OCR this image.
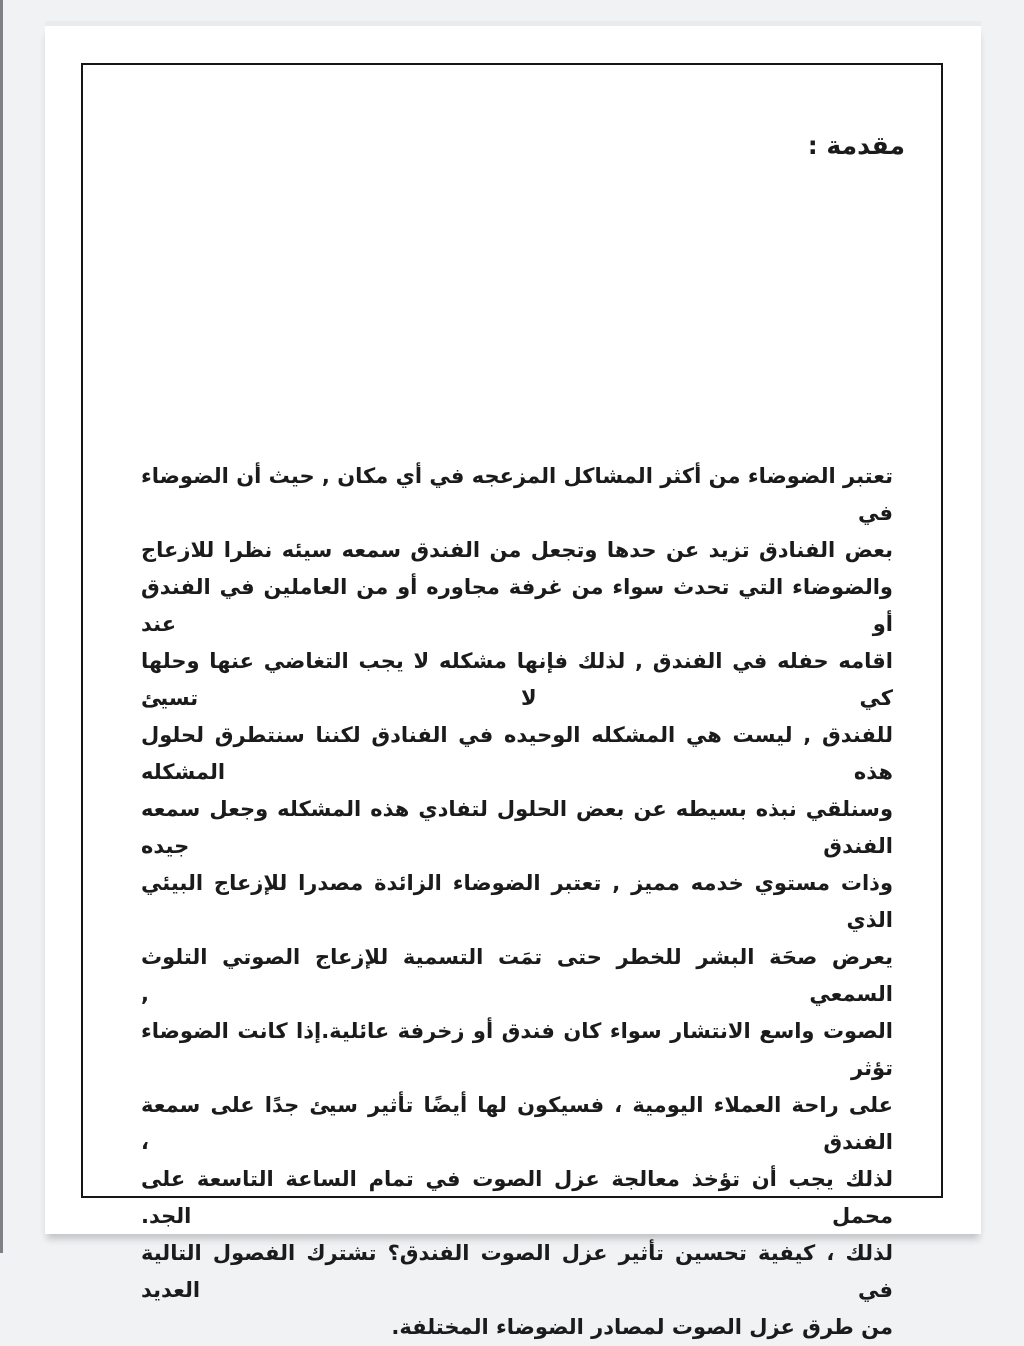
مقدمة :
تعتبر الضوضاء من أكثر المشاكل المزعجه في أي مكان , حيث أن الضوضاء في
بعض الفنادق تزيد عن حدها وتجعل من الفندق سمعه سيئه نظرا للازعاج
والضوضاء التي تحدث سواء من غرفة مجاوره أو من العاملين في الفندق أو عند
اقامه حفله في الفندق , لذلك فإنها مشكله لا يجب التغاضي عنها وحلها كي لا تسيئ
للفندق , ليست هي المشكله الوحيده في الفنادق لكننا سنتطرق لحلول هذه المشكله
وسنلقي نبذه بسيطه عن بعض الحلول لتفادي هذه المشكله وجعل سمعه الفندق جيده
وذات مستوي خدمه مميز , تعتبر الضوضاء الزائدة مصدرا للإزعاج البيئي الذي
يعرض صحَة البشر للخطر حتى تمَت التسمية للإزعاج الصوتي التلوث السمعي ,
الصوت واسع الانتشار سواء كان فندق أو زخرفة عائلية.إذا كانت الضوضاء تؤثر
على راحة العملاء اليومية ، فسيكون لها أيضًا تأثير سيئ جدًا على سمعة الفندق ،
لذلك يجب أن تؤخذ معالجة عزل الصوت في تمام الساعة التاسعة على محمل الجد.
لذلك ، كيفية تحسين تأثير عزل الصوت الفندق؟ تشترك الفصول التالية في العديد
من طرق عزل الصوت لمصادر الضوضاء المختلفة.
